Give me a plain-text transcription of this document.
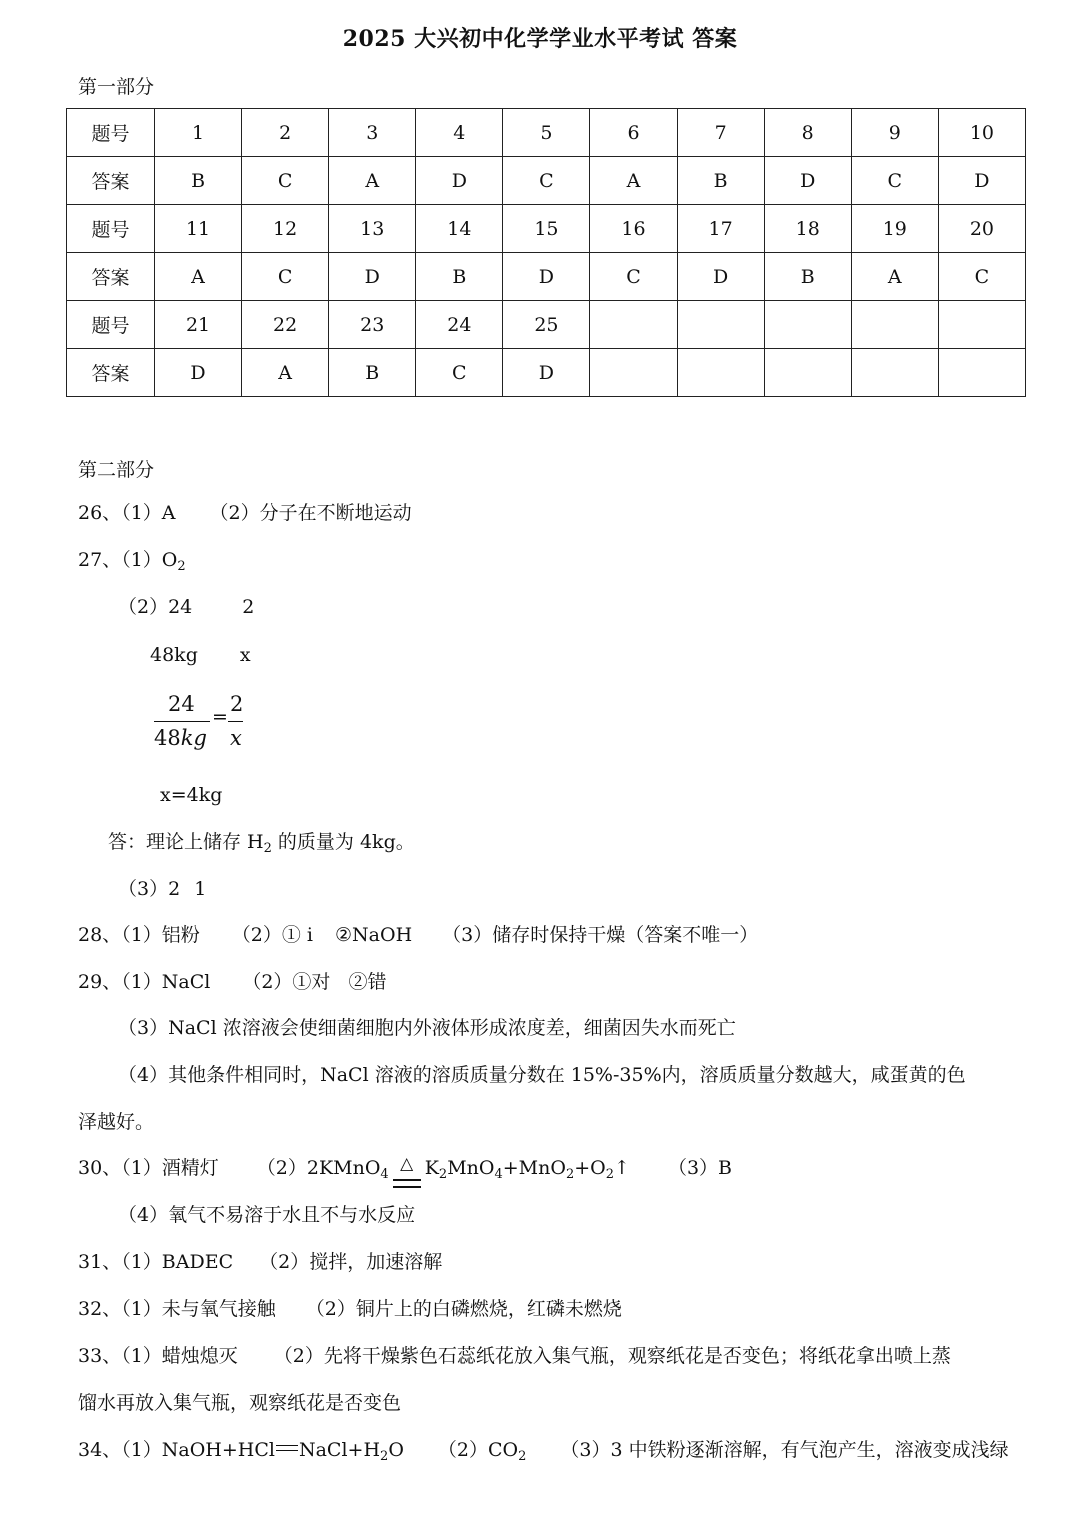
2025 大兴初中化学学业水平考试 答案
第一部分
题号	1	2	3	4	5	6	7	8	9	10
答案	B	C	A	D	C	A	B	D	C	D
题号	11	12	13	14	15	16	17	18	19	20
答案	A	C	D	B	D	C	D	B	A	C
题号	21	22	23	24	25					
答案	D	A	B	C	D					
第二部分
26、（1）A （2）分子在不断地运动
27、$(1)O_2$
（2）24	2
48kg x
24
48kg
=
2
x
x=4kg
答：理论上储存 $H_2$ 的质量为 4kg。
（3）2 1
28、（1）铝粉 （2）① i ②NaOH （3）储存时保持干燥（答案不唯一）
29、（1）NaCl （2）①对 ②错
（3）NaCl 浓溶液会使细菌细胞内外液体形成浓度差，细菌因失水而死亡
（4）其他条件相同时，NaCl 溶液的溶质质量分数在 15%-35%内，溶质质量分数越大，咸蛋黄的色
泽越好。
30、（1）酒精灯 （2）2KMnO$_4$△ $K_2MnO_4+MnO_2+O_2↑$ （3）B
（4）氧气不易溶于水且不与水反应
31、（1）BADEC （2）搅拌，加速溶解
32、（1）未与氧气接触 （2）铜片上的白磷燃烧，红磷未燃烧
33、（1）蜡烛熄灭 （2）先将干燥紫色石蕊纸花放入集气瓶，观察纸花是否变色；将纸花拿出喷上蒸
馏水再放入集气瓶，观察纸花是否变色
34、（1）NaOH+HCl $NaCl+H_2O$ $(2)CO_2$ （3）3 中铁粉逐渐溶解，有气泡产生，溶液变成浅绿
